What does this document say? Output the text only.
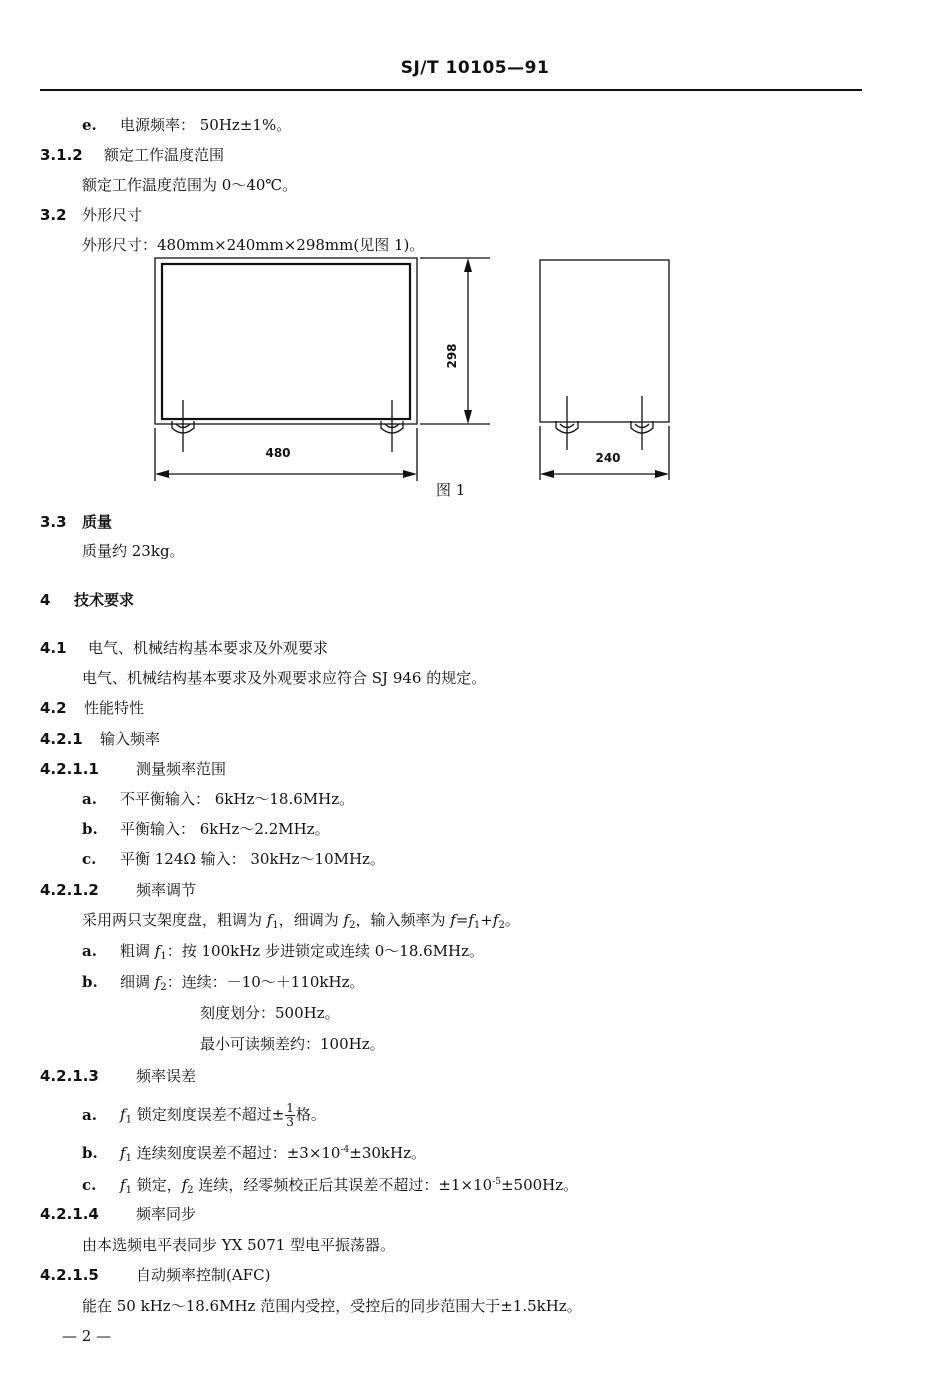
SJ/T 10105—91
e. 电源频率： 50Hz±1%。
3.1.2 额定工作温度范围
额定工作温度范围为 0～40℃。
3.2 外形尺寸
外形尺寸：480mm×240mm×298mm(见图 1)。
298
480	240
图 1
3.3 质量
质量约 23kg。
4 技术要求
4.1 电气、机械结构基本要求及外观要求
电气、机械结构基本要求及外观要求应符合 SJ 946 的规定。
4.2 性能特性
4.2.1 输入频率
4.2.1.1 测量频率范围
a. 不平衡输入： 6kHz～18.6MHz。
b. 平衡输入： 6kHz～2.2MHz。
c. 平衡 124Ω 输入： 30kHz～10MHz。
4.2.1.2 频率调节
采用两只支架度盘，粗调为 $f_1$，细调为 $f_2$，输入频率为 $f=f_1+f_2$。
a. 粗调 $f_1$：按 100kHz 步进锁定或连续 0～18.6MHz。
b. 细调 $f_2$：连续：－10～＋110kHz。
刻度划分：500Hz。
最小可读频差约：100Hz。
4.2.1.3 频率误差
a. $f_1$ 锁定刻度误差不超过± $\frac{1}{3}$ 格。
b. $f_1$ 连续刻度误差不超过：$\pm 3\times 10^{-4}\pm 30kHz$。
c. $f_1$ 锁定，$f_2$ 连续，经零频校正后其误差不超过：$\pm 1\times 10^{-5}\pm 500Hz$。
4.2.1.4 频率同步
由本选频电平表同步 YX 5071 型电平振荡器。
4.2.1.5 自动频率控制(AFC)
能在 50 kHz～18.6MHz 范围内受控，受控后的同步范围大于±1.5kHz。
— 2 —
